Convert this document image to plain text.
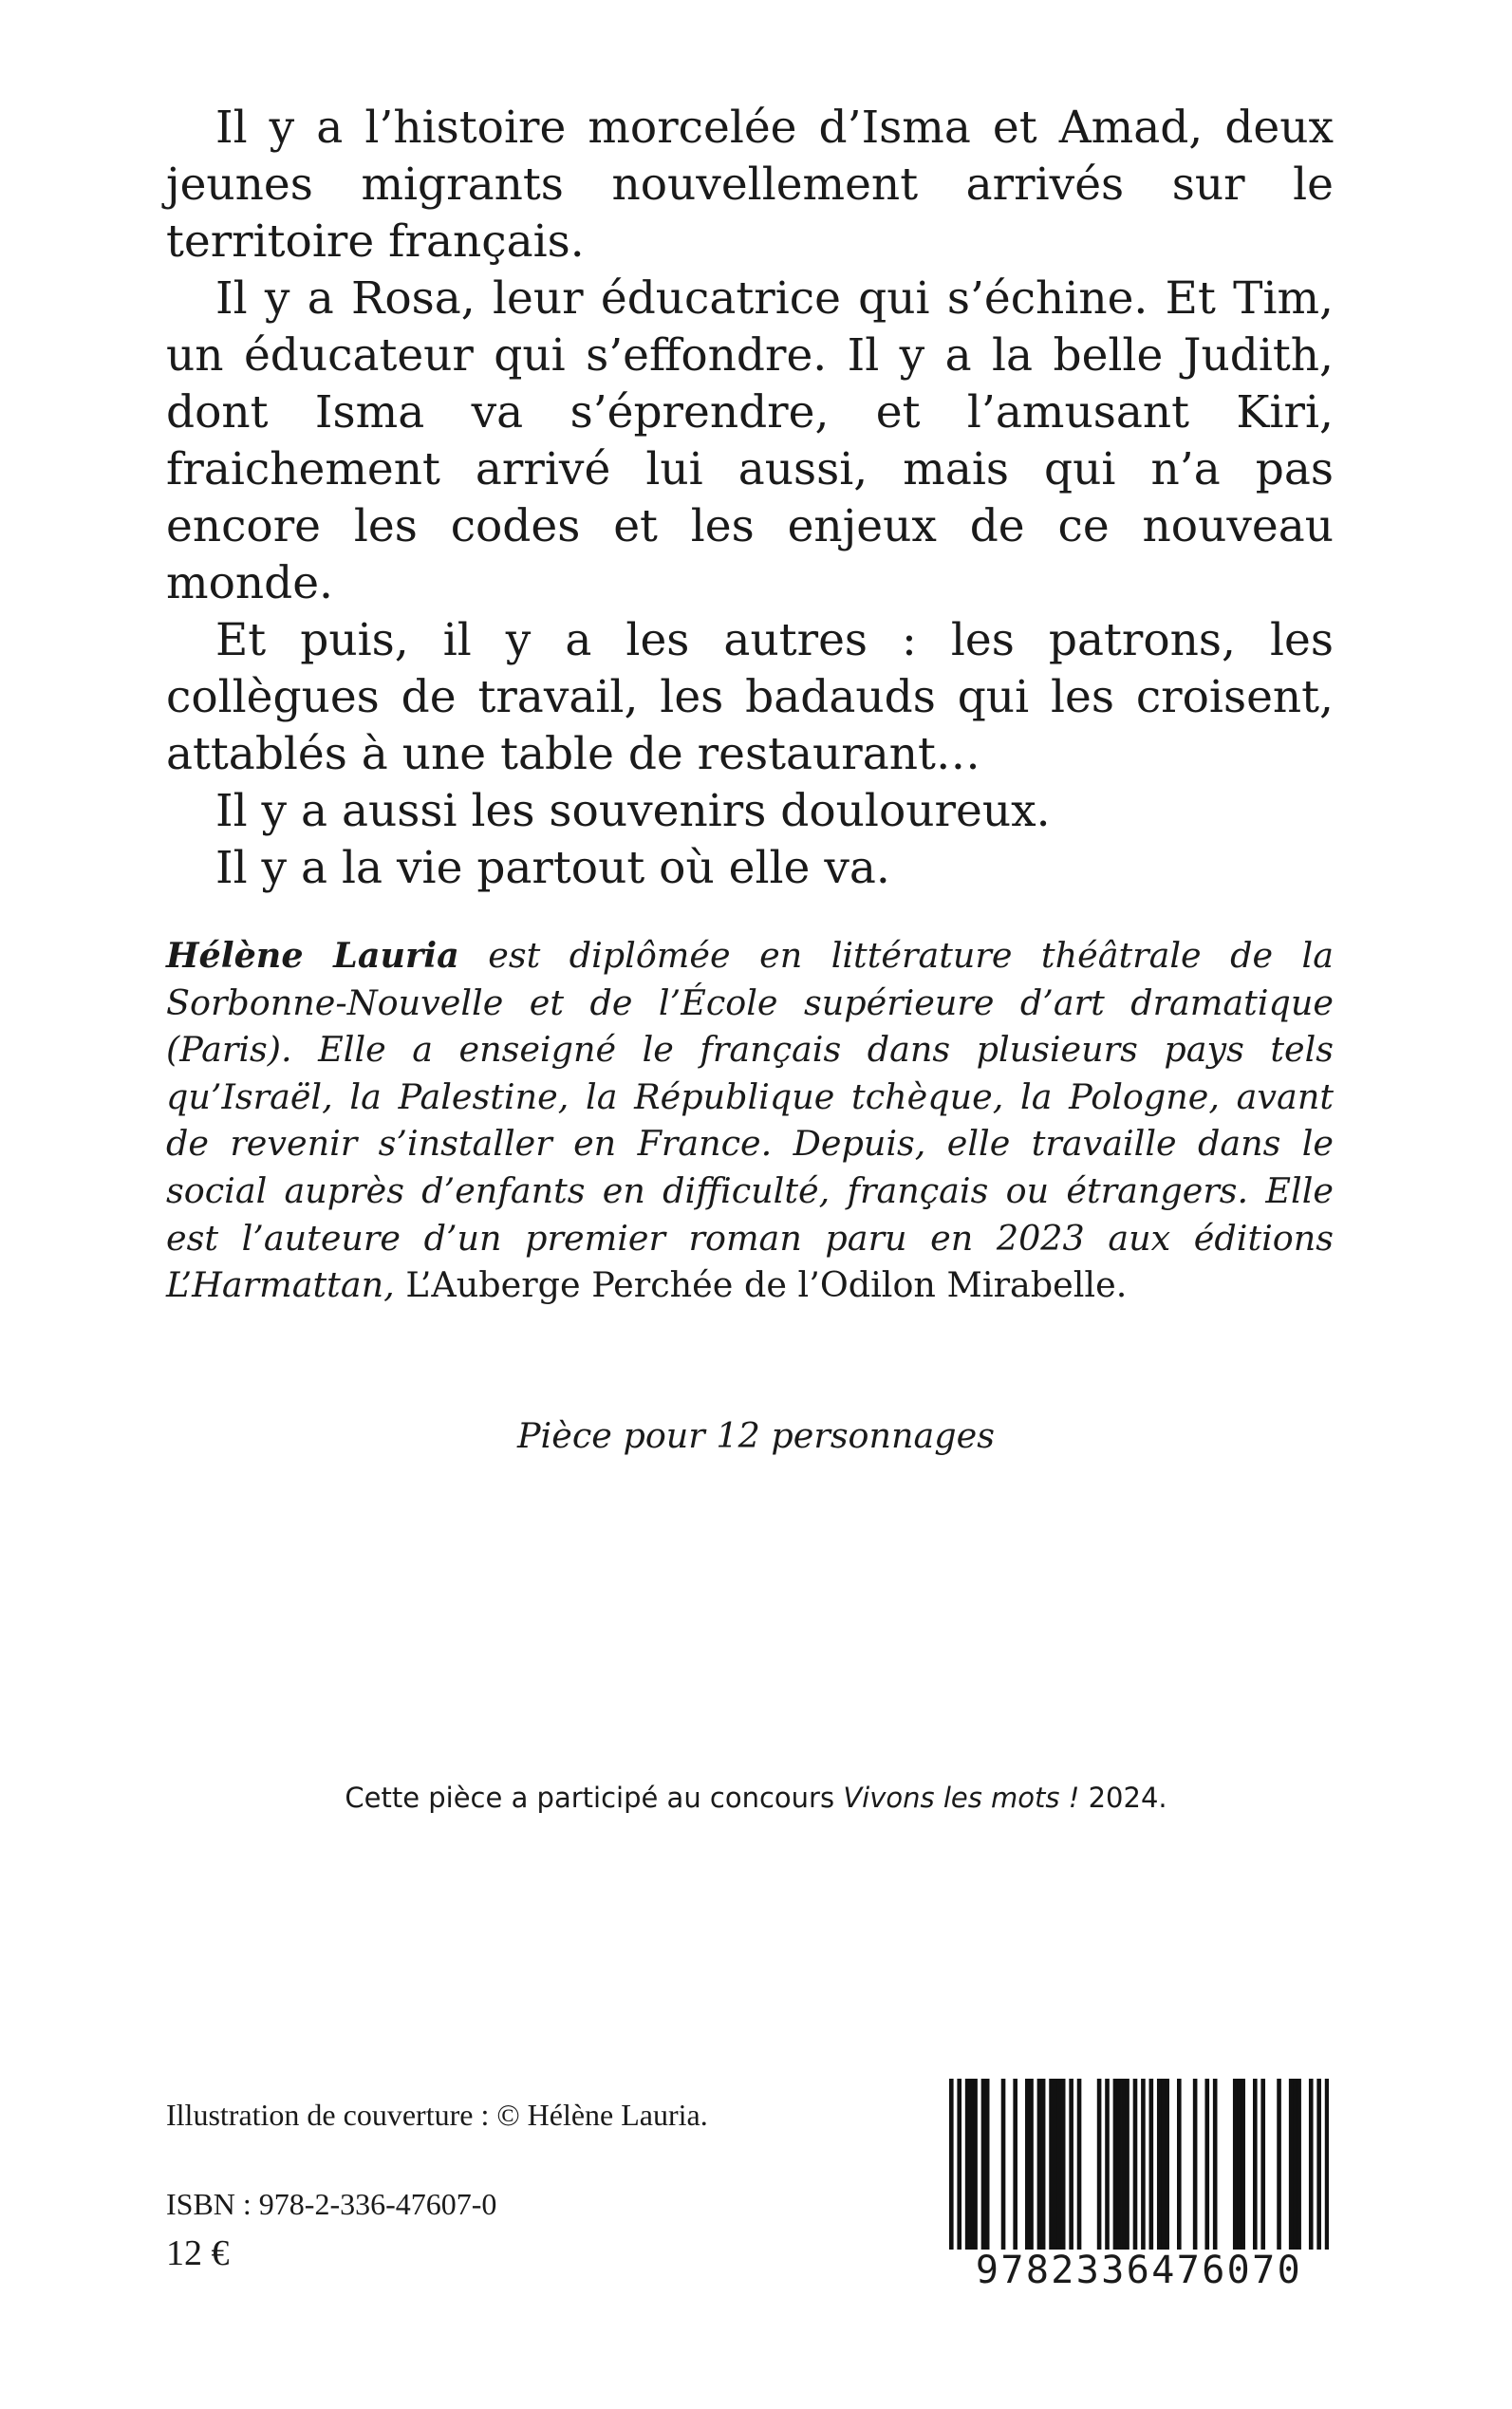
Il y a l’histoire morcelée d’Isma et Amad, deux jeunes migrants nouvellement arrivés sur le territoire français.

Il y a Rosa, leur éducatrice qui s’échine. Et Tim, un éducateur qui s’effondre. Il y a la belle Judith, dont Isma va s’éprendre, et l’amusant Kiri, fraichement arrivé lui aussi, mais qui n’a pas encore les codes et les enjeux de ce nouveau monde.

Et puis, il y a les autres : les patrons, les collègues de travail, les badauds qui les croisent, attablés à une table de restaurant…

Il y a aussi les souvenirs douloureux.

Il y a la vie partout où elle va.

Hélène Lauria est diplômée en littérature théâtrale de la Sorbonne-Nouvelle et de l’École supérieure d’art dramatique (Paris). Elle a enseigné le français dans plusieurs pays tels qu’Israël, la Palestine, la République tchèque, la Pologne, avant de revenir s’installer en France. Depuis, elle travaille dans le social auprès d’enfants en difficulté, français ou étrangers. Elle est l’auteure d’un premier roman paru en 2023 aux éditions L’Harmattan, L’Auberge Perchée de l’Odilon Mirabelle.

Pièce pour 12 personnages
Cette pièce a participé au concours Vivons les mots ! 2024.
Illustration de couverture : © Hélène Lauria.
ISBN : 978-2-336-47607-0
12 €	9782336476070
